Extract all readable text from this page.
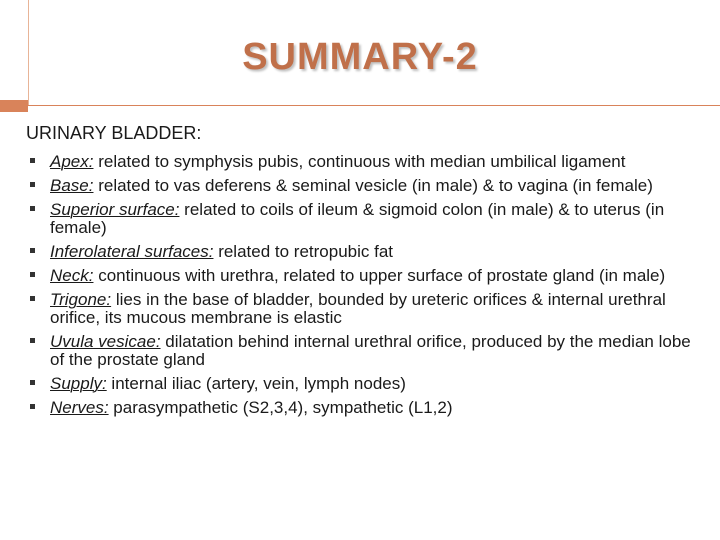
SUMMARY-2
URINARY BLADDER:
Apex: related to symphysis pubis, continuous with median umbilical ligament
Base: related to vas deferens & seminal vesicle (in male) & to vagina (in female)
Superior surface: related to coils of ileum & sigmoid colon (in male) & to uterus (in female)
Inferolateral surfaces: related to retropubic fat
Neck: continuous with urethra, related to upper surface of prostate gland (in male)
Trigone: lies in the base of bladder, bounded by ureteric orifices & internal urethral orifice, its mucous membrane is elastic
Uvula vesicae: dilatation behind internal urethral orifice, produced by the median lobe of the prostate gland
Supply: internal iliac (artery, vein, lymph nodes)
Nerves: parasympathetic (S2,3,4), sympathetic (L1,2)
